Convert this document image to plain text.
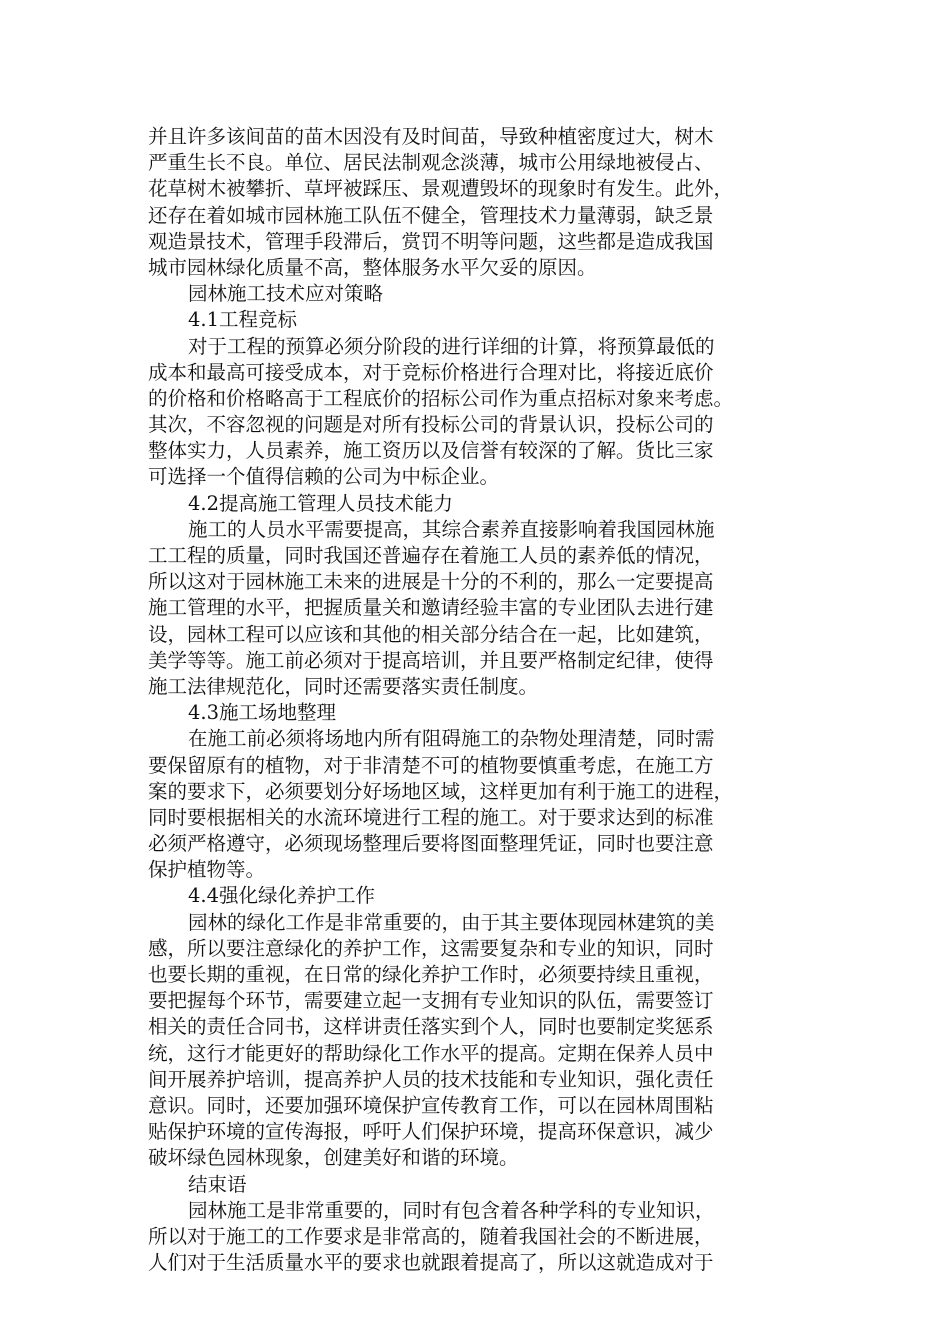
并且许多该间苗的苗木因没有及时间苗，导致种植密度过大，树木
严重生长不良。单位、居民法制观念淡薄，城市公用绿地被侵占、
花草树木被攀折、草坪被踩压、景观遭毁坏的现象时有发生。此外，
还存在着如城市园林施工队伍不健全，管理技术力量薄弱，缺乏景
观造景技术，管理手段滞后，赏罚不明等问题，这些都是造成我国
城市园林绿化质量不高，整体服务水平欠妥的原因。
园林施工技术应对策略
4.1工程竞标
对于工程的预算必须分阶段的进行详细的计算，将预算最低的
成本和最高可接受成本，对于竞标价格进行合理对比，将接近底价
的价格和价格略高于工程底价的招标公司作为重点招标对象来考虑。
其次，不容忽视的问题是对所有投标公司的背景认识，投标公司的
整体实力，人员素养，施工资历以及信誉有较深的了解。货比三家
可选择一个值得信赖的公司为中标企业。
4.2提高施工管理人员技术能力
施工的人员水平需要提高，其综合素养直接影响着我国园林施
工工程的质量，同时我国还普遍存在着施工人员的素养低的情况，
所以这对于园林施工未来的进展是十分的不利的，那么一定要提高
施工管理的水平，把握质量关和邀请经验丰富的专业团队去进行建
设，园林工程可以应该和其他的相关部分结合在一起，比如建筑，
美学等等。施工前必须对于提高培训，并且要严格制定纪律，使得
施工法律规范化，同时还需要落实责任制度。
4.3施工场地整理
在施工前必须将场地内所有阻碍施工的杂物处理清楚，同时需
要保留原有的植物，对于非清楚不可的植物要慎重考虑，在施工方
案的要求下，必须要划分好场地区域，这样更加有利于施工的进程，
同时要根据相关的水流环境进行工程的施工。对于要求达到的标准
必须严格遵守，必须现场整理后要将图面整理凭证，同时也要注意
保护植物等。
4.4强化绿化养护工作
园林的绿化工作是非常重要的，由于其主要体现园林建筑的美
感，所以要注意绿化的养护工作，这需要复杂和专业的知识，同时
也要长期的重视，在日常的绿化养护工作时，必须要持续且重视，
要把握每个环节，需要建立起一支拥有专业知识的队伍，需要签订
相关的责任合同书，这样讲责任落实到个人，同时也要制定奖惩系
统，这行才能更好的帮助绿化工作水平的提高。定期在保养人员中
间开展养护培训，提高养护人员的技术技能和专业知识，强化责任
意识。同时，还要加强环境保护宣传教育工作，可以在园林周围粘
贴保护环境的宣传海报，呼吁人们保护环境，提高环保意识，减少
破坏绿色园林现象，创建美好和谐的环境。
结束语
园林施工是非常重要的，同时有包含着各种学科的专业知识，
所以对于施工的工作要求是非常高的，随着我国社会的不断进展，
人们对于生活质量水平的要求也就跟着提高了，所以这就造成对于
